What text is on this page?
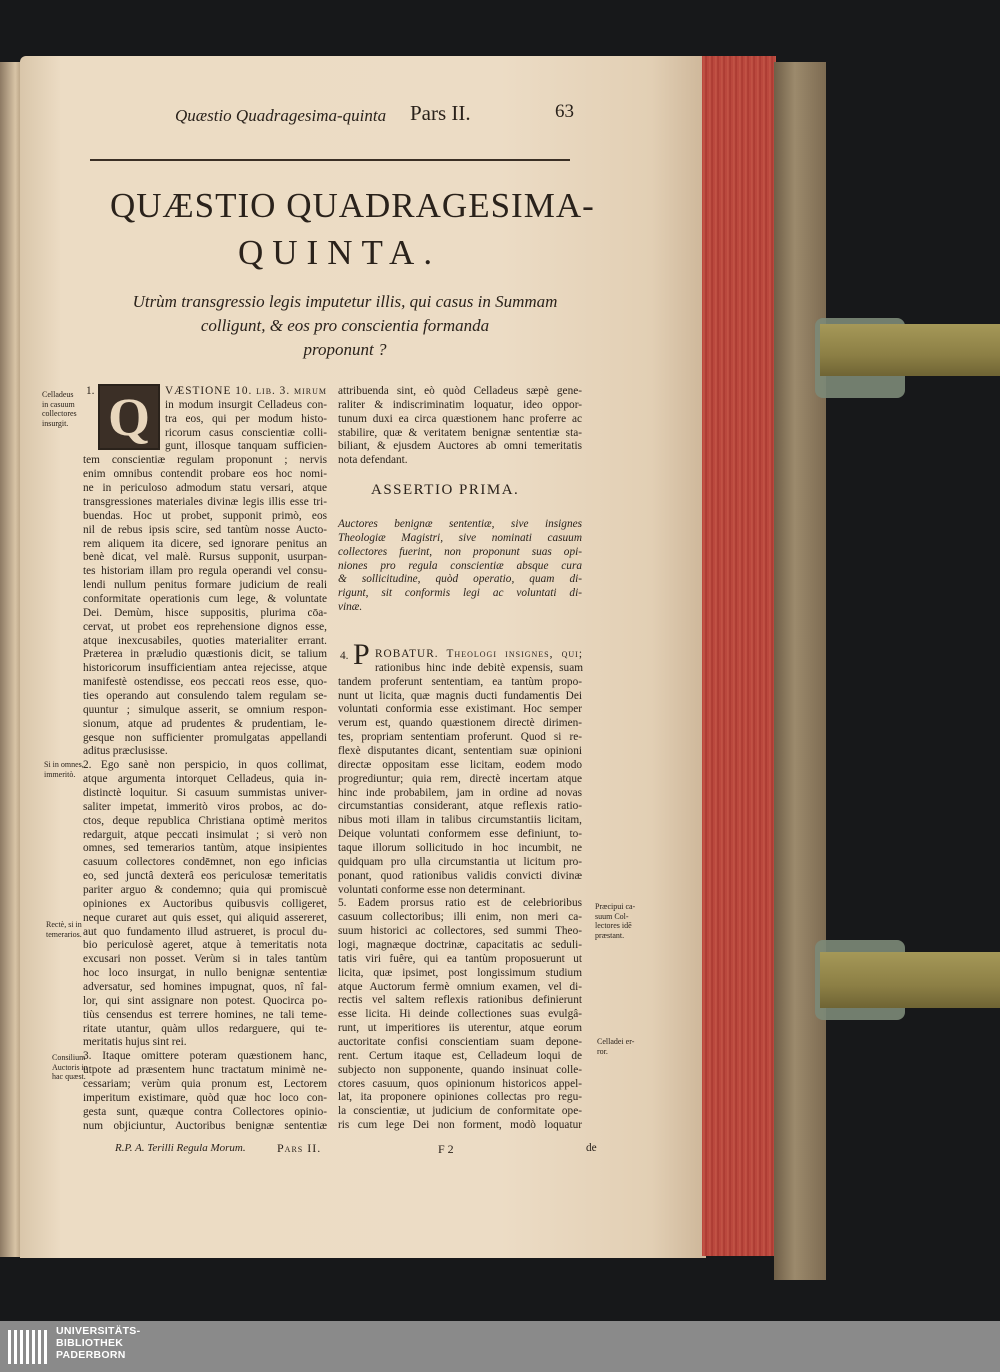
Quæstio Quadragesima-quinta Pars II.	63
QUÆSTIO QUADRAGESIMA-
QUINTA.
Utrùm transgressio legis imputetur illis, qui casus in Summam
colligunt, & eos pro conscientia formanda
proponunt ?
1. Q VÆSTIONE 10. lib. 3. mirum
in modum insurgit Celladeus con-
tra eos, qui per modum histo-
ricorum casus conscientiæ colli-
gunt, illosque tanquam sufficien-
tem conscientiæ regulam proponunt ; nervis
enim omnibus contendit probare eos hoc nomi-
ne in periculoso admodum statu versari, atque
transgressiones materiales divinæ legis illis esse tri-
buendas. Hoc ut probet, supponit primò, eos
nil de rebus ipsis scire, sed tantùm nosse Aucto-
rem aliquem ita dicere, sed ignorare penitus an
benè dicat, vel malè. Rursus supponit, usurpan-
tes historiam illam pro regula operandi vel consu-
lendi nullum penitus formare judicium de reali
conformitate operationis cum lege, & voluntate
Dei. Demùm, hisce suppositis, plurima cōa-
cervat, ut probet eos reprehensione dignos esse,
atque inexcusabiles, quoties materialiter errant.
Præterea in præludio quæstionis dicit, se talium
historicorum insufficientiam antea rejecisse, atque
manifestè ostendisse, eos peccati reos esse, quo-
ties operando aut consulendo talem regulam se-
quuntur ; simulque asserit, se omnium respon-
sionum, atque ad prudentes & prudentiam, le-
gesque non sufficienter promulgatas appellandi
aditus præclusisse.
2. Ego sanè non perspicio, in quos collimat,
atque argumenta intorquet Celladeus, quia in-
distinctè loquitur. Si casuum summistas univer-
saliter impetat, immeritò viros probos, ac do-
ctos, deque republica Christiana optimè meritos
redarguit, atque peccati insimulat ; si verò non
omnes, sed temerarios tantùm, atque insipientes
casuum collectores condēmnet, non ego inficias
eo, sed junctâ dexterâ eos periculosæ temeritatis
pariter arguo & condemno; quia qui promiscuè
opiniones ex Auctoribus quibusvis colligeret,
neque curaret aut quis esset, qui aliquid assereret,
aut quo fundamento illud astrueret, is procul du-
bio periculosè ageret, atque à temeritatis nota
excusari non posset. Verùm si in tales tantùm
hoc loco insurgat, in nullo benignæ sententiæ
adversatur, sed homines impugnat, quos, nî fal-
lor, qui sint assignare non potest. Quocirca po-
tiùs censendus est terrere homines, ne tali teme-
ritate utantur, quàm ullos redarguere, qui te-
meritatis hujus sint rei.
3. Itaque omittere poteram quæstionem hanc,
utpote ad præsentem hunc tractatum minimè ne-
cessariam; verùm quia pronum est, Lectorem
imperitum existimare, quòd quæ hoc loco con-
gesta sunt, quæque contra Collectores opinio-
num objiciuntur, Auctoribus benignæ sententiæ
R.P. A. Terilli Regula Morum.	Pars II.
attribuenda sint, eò quòd Celladeus sæpè gene-
raliter & indiscriminatim loquatur, ideo oppor-
tunum duxi ea circa quæstionem hanc proferre ac
stabilire, quæ & veritatem benignæ sententiæ sta-
biliant, & ejusdem Auctores ab omni temeritatis
nota defendant.
ASSERTIO PRIMA.
Auctores benignæ sententiæ, sive insignes
Theologiæ Magistri, sive nominati casuum
collectores fuerint, non proponunt suas opi-
niones pro regula conscientiæ absque cura
& sollicitudine, quòd operatio, quam di-
rigunt, sit conformis legi ac voluntati di-
vinæ.
4. P ROBATUR. Theologi insignes, qui;
rationibus hinc inde debitè expensis, suam
tandem proferunt sententiam, ea tantùm propo-
nunt ut licita, quæ magnis ducti fundamentis Dei
voluntati conformia esse existimant. Hoc semper
verum est, quando quæstionem directè dirimen-
tes, propriam sententiam proferunt. Quod si re-
flexè disputantes dicant, sententiam suæ opinioni
directæ oppositam esse licitam, eodem modo
progrediuntur; quia rem, directè incertam atque
hinc inde probabilem, jam in ordine ad novas
circumstantias considerant, atque reflexis ratio-
nibus moti illam in talibus circumstantiis licitam,
Deique voluntati conformem esse definiunt, to-
taque illorum sollicitudo in hoc incumbit, ne
quidquam pro ulla circumstantia ut licitum pro-
ponant, quod rationibus validis convicti divinæ
voluntati conforme esse non determinant.
5. Eadem prorsus ratio est de celebrioribus
casuum collectoribus; illi enim, non meri ca-
suum historici ac collectores, sed summi Theo-
logi, magnæque doctrinæ, capacitatis ac seduli-
tatis viri fuêre, qui ea tantùm proposuerunt ut
licita, quæ ipsimet, post longissimum studium
atque Auctorum fermè omnium examen, vel di-
rectis vel saltem reflexis rationibus definierunt
esse licita. Hi deinde collectiones suas evulgâ-
runt, ut imperitiores iis uterentur, atque eorum
auctoritate confisi conscientiam suam depone-
rent. Certum itaque est, Celladeum loqui de
subjecto non supponente, quando insinuat colle-
ctores casuum, quos opinionum historicos appel-
lat, ita proponere opiniones collectas pro regu-
la conscientiæ, ut judicium de conformitate ope-
ris cum lege Dei non forment, modò loquatur
F 2	de
Celladeus
in casuum
collectores
insurgit.
Si in omnes,
immeritò.
Rectè, si in
temerarios.
Consilium
Auctoris in
hac quæst.
Præcipui ca-
suum Col-
lectores idē
præstant.
Celladei er-
ror.
UNIVERSITÄTS-
BIBLIOTHEK
PADERBORN
